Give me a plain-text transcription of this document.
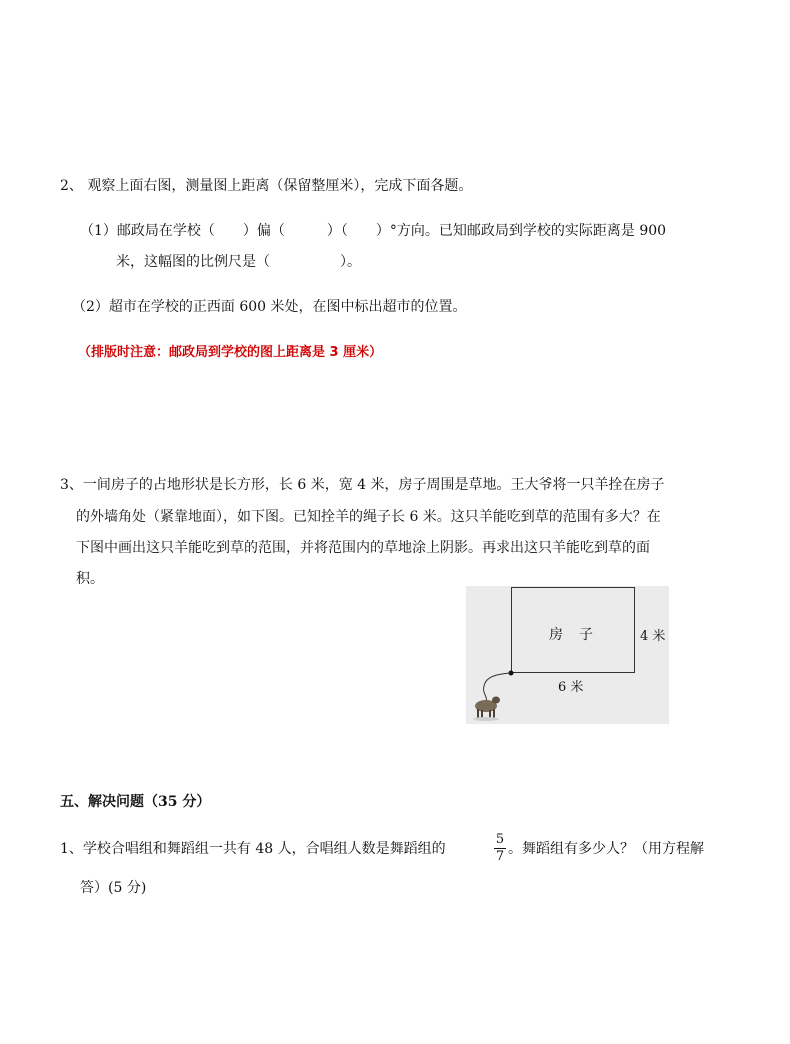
2、 观察上面右图，测量图上距离（保留整厘米），完成下面各题。
（1）邮政局在学校（　　）偏（　　　）（　　）°方向。已知邮政局到学校的实际距离是 900
米，这幅图的比例尺是（　　　　　）。
（2）超市在学校的正西面 600 米处，在图中标出超市的位置。
（排版时注意：邮政局到学校的图上距离是 3 厘米）
3、一间房子的占地形状是长方形，长 6 米，宽 4 米，房子周围是草地。王大爷将一只羊拴在房子
的外墙角处（紧靠地面），如下图。已知拴羊的绳子长 6 米。这只羊能吃到草的范围有多大？在
下图中画出这只羊能吃到草的范围，并将范围内的草地涂上阴影。再求出这只羊能吃到草的面
积。
房子 4 米
6 米
五、解决问题（35 分）
1、学校合唱组和舞蹈组一共有 48 人，合唱组人数是舞蹈组的	$\frac{5}{7}$ 。舞蹈组有多少人？（用方程解
答）(5 分)
